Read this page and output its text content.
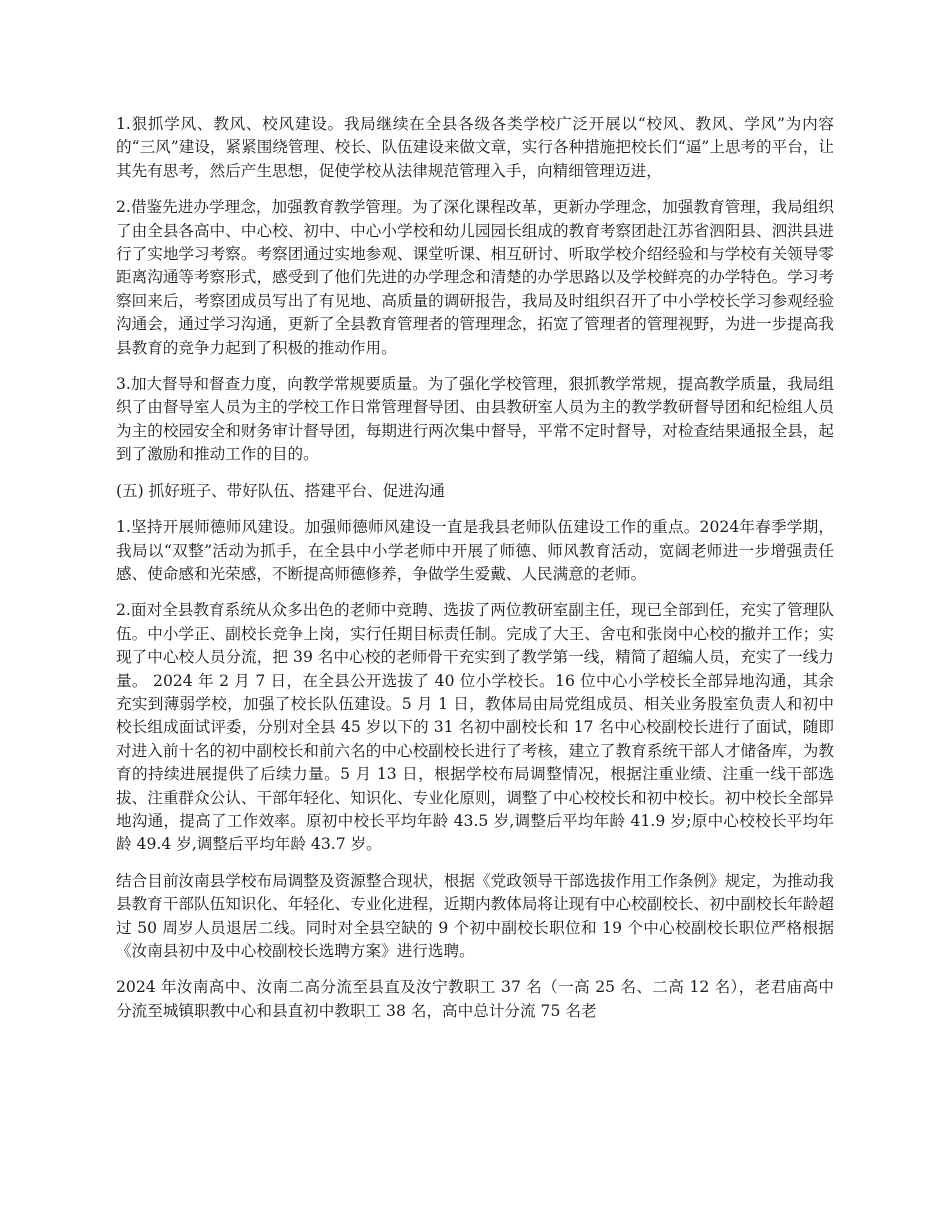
1.狠抓学风、教风、校风建设。我局继续在全县各级各类学校广泛开展以“校风、教风、学风”为内容的“三风”建设，紧紧围绕管理、校长、队伍建设来做文章，实行各种措施把校长们“逼”上思考的平台，让其先有思考，然后产生思想，促使学校从法律规范管理入手，向精细管理迈进，

2.借鉴先进办学理念，加强教育教学管理。为了深化课程改革，更新办学理念，加强教育管理，我局组织了由全县各高中、中心校、初中、中心小学校和幼儿园园长组成的教育考察团赴江苏省泗阳县、泗洪县进行了实地学习考察。考察团通过实地参观、课堂听课、相互研讨、听取学校介绍经验和与学校有关领导零距离沟通等考察形式，感受到了他们先进的办学理念和清楚的办学思路以及学校鲜亮的办学特色。学习考察回来后，考察团成员写出了有见地、高质量的调研报告，我局及时组织召开了中小学校长学习参观经验沟通会，通过学习沟通，更新了全县教育管理者的管理理念，拓宽了管理者的管理视野，为进一步提高我县教育的竞争力起到了积极的推动作用。

3.加大督导和督查力度，向教学常规要质量。为了强化学校管理，狠抓教学常规，提高教学质量，我局组织了由督导室人员为主的学校工作日常管理督导团、由县教研室人员为主的教学教研督导团和纪检组人员为主的校园安全和财务审计督导团，每期进行两次集中督导，平常不定时督导，对检查结果通报全县，起到了激励和推动工作的目的。

(五) 抓好班子、带好队伍、搭建平台、促进沟通

1.坚持开展师德师风建设。加强师德师风建设一直是我县老师队伍建设工作的重点。2024年春季学期，我局以“双整”活动为抓手，在全县中小学老师中开展了师德、师风教育活动，宽阔老师进一步增强责任感、使命感和光荣感，不断提高师德修养，争做学生爱戴、人民满意的老师。

2.面对全县教育系统从众多出色的老师中竞聘、选拔了两位教研室副主任，现已全部到任，充实了管理队伍。中小学正、副校长竞争上岗，实行任期目标责任制。完成了大王、舍屯和张岗中心校的撤并工作；实现了中心校人员分流，把 39 名中心校的老师骨干充实到了教学第一线，精简了超编人员，充实了一线力量。 2024 年 2 月 7 日，在全县公开选拔了 40 位小学校长。16 位中心小学校长全部异地沟通，其余充实到薄弱学校，加强了校长队伍建设。5 月 1 日，教体局由局党组成员、相关业务股室负责人和初中校长组成面试评委，分别对全县 45 岁以下的 31 名初中副校长和 17 名中心校副校长进行了面试，随即对进入前十名的初中副校长和前六名的中心校副校长进行了考核，建立了教育系统干部人才储备库，为教育的持续进展提供了后续力量。5 月 13 日，根据学校布局调整情况，根据注重业绩、注重一线干部选拔、注重群众公认、干部年轻化、知识化、专业化原则，调整了中心校校长和初中校长。初中校长全部异地沟通，提高了工作效率。原初中校长平均年龄 43.5 岁,调整后平均年龄 41.9 岁;原中心校校长平均年龄 49.4 岁,调整后平均年龄 43.7 岁。

结合目前汝南县学校布局调整及资源整合现状，根据《党政领导干部选拔作用工作条例》规定，为推动我县教育干部队伍知识化、年轻化、专业化进程，近期内教体局将让现有中心校副校长、初中副校长年龄超过 50 周岁人员退居二线。同时对全县空缺的 9 个初中副校长职位和 19 个中心校副校长职位严格根据《汝南县初中及中心校副校长选聘方案》进行选聘。

2024 年汝南高中、汝南二高分流至县直及汝宁教职工 37 名（一高 25 名、二高 12 名），老君庙高中分流至城镇职教中心和县直初中教职工 38 名，高中总计分流 75 名老
